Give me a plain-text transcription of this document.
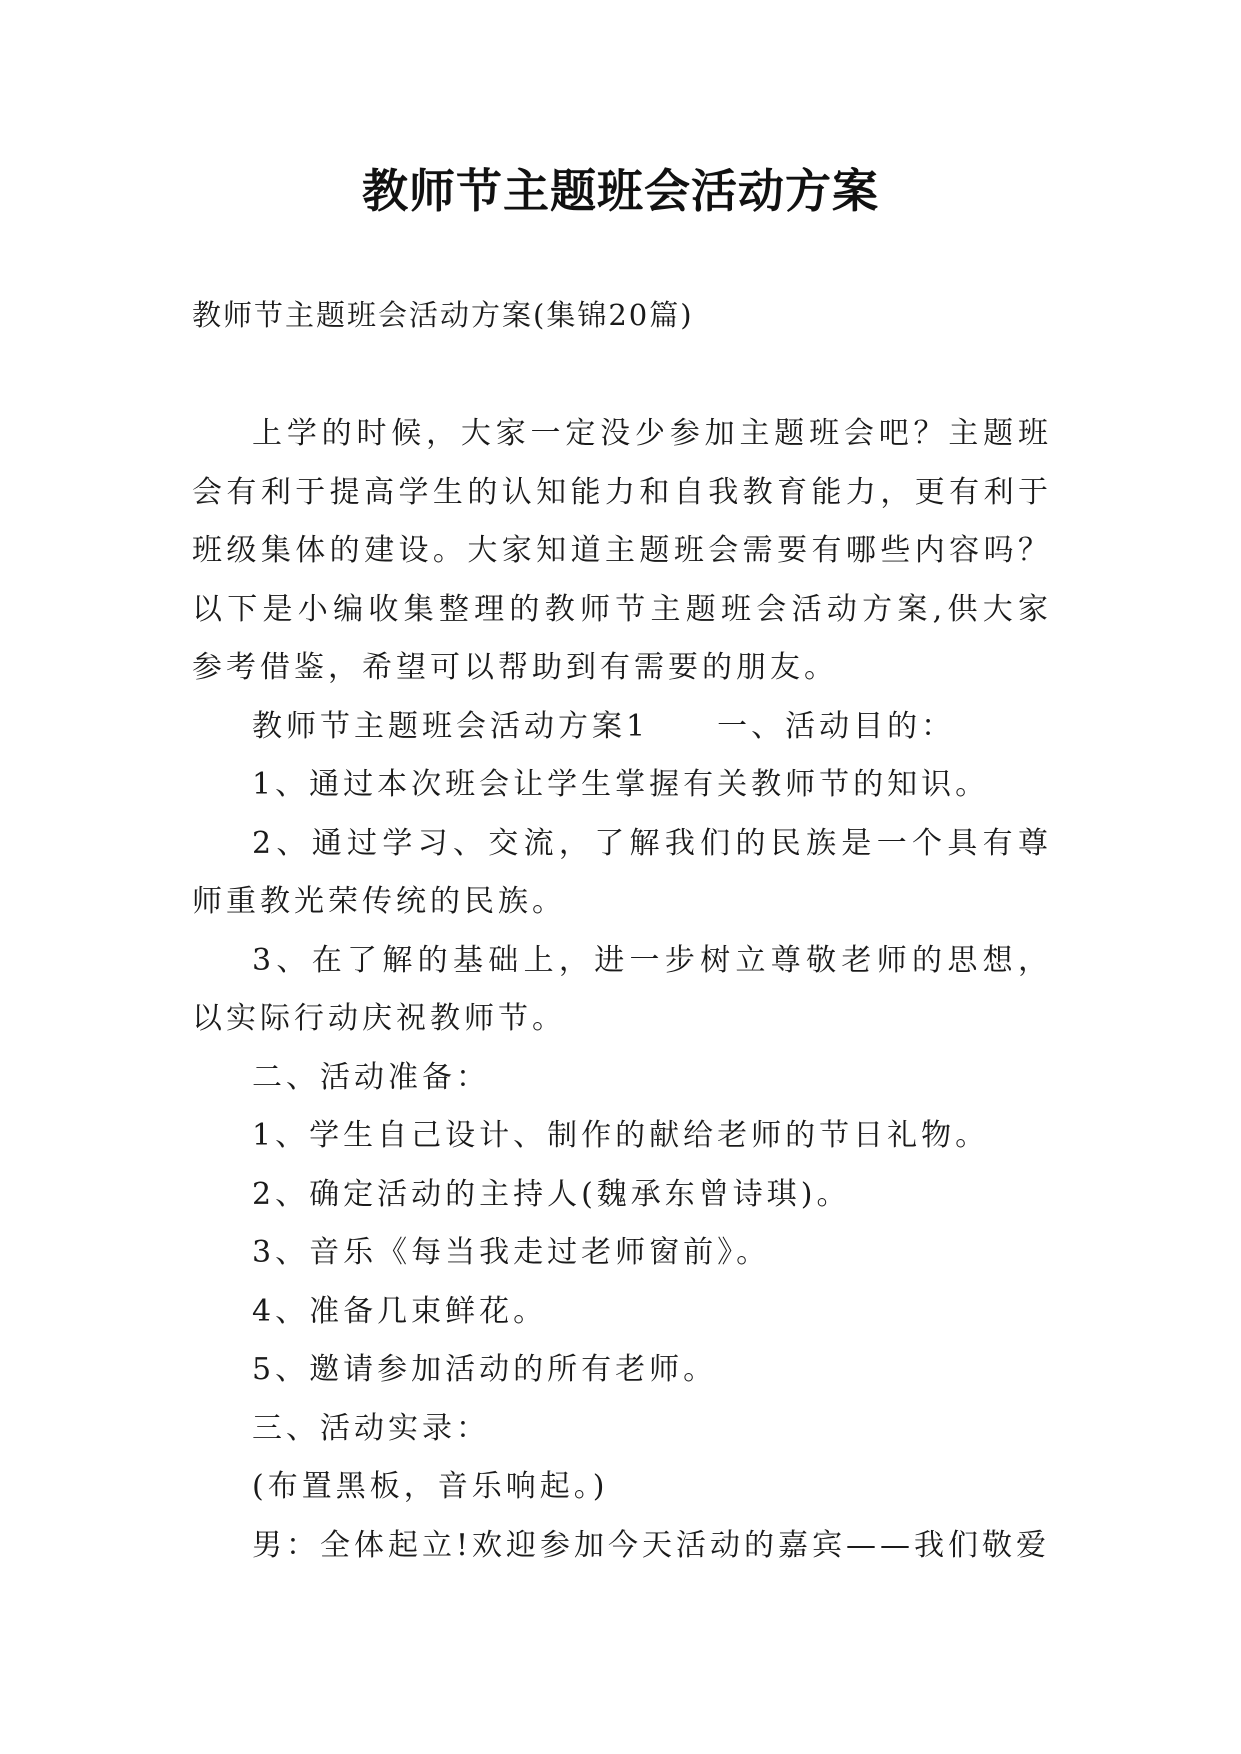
教师节主题班会活动方案

教师节主题班会活动方案(集锦20篇)

上学的时候，大家一定没少参加主题班会吧？主题班会有利于提高学生的认知能力和自我教育能力，更有利于班级集体的建设。大家知道主题班会需要有哪些内容吗？以下是小编收集整理的教师节主题班会活动方案,供大家参考借鉴，希望可以帮助到有需要的朋友。

教师节主题班会活动方案1　　一、活动目的：

1、通过本次班会让学生掌握有关教师节的知识。

2、通过学习、交流，了解我们的民族是一个具有尊师重教光荣传统的民族。

3、在了解的基础上，进一步树立尊敬老师的思想，以实际行动庆祝教师节。

二、活动准备：

1、学生自己设计、制作的献给老师的节日礼物。

2、确定活动的主持人(魏承东曾诗琪)。

3、音乐《每当我走过老师窗前》。

4、准备几束鲜花。

5、邀请参加活动的所有老师。

三、活动实录：

(布置黑板，音乐响起。)

男：全体起立!欢迎参加今天活动的嘉宾——我们敬爱
